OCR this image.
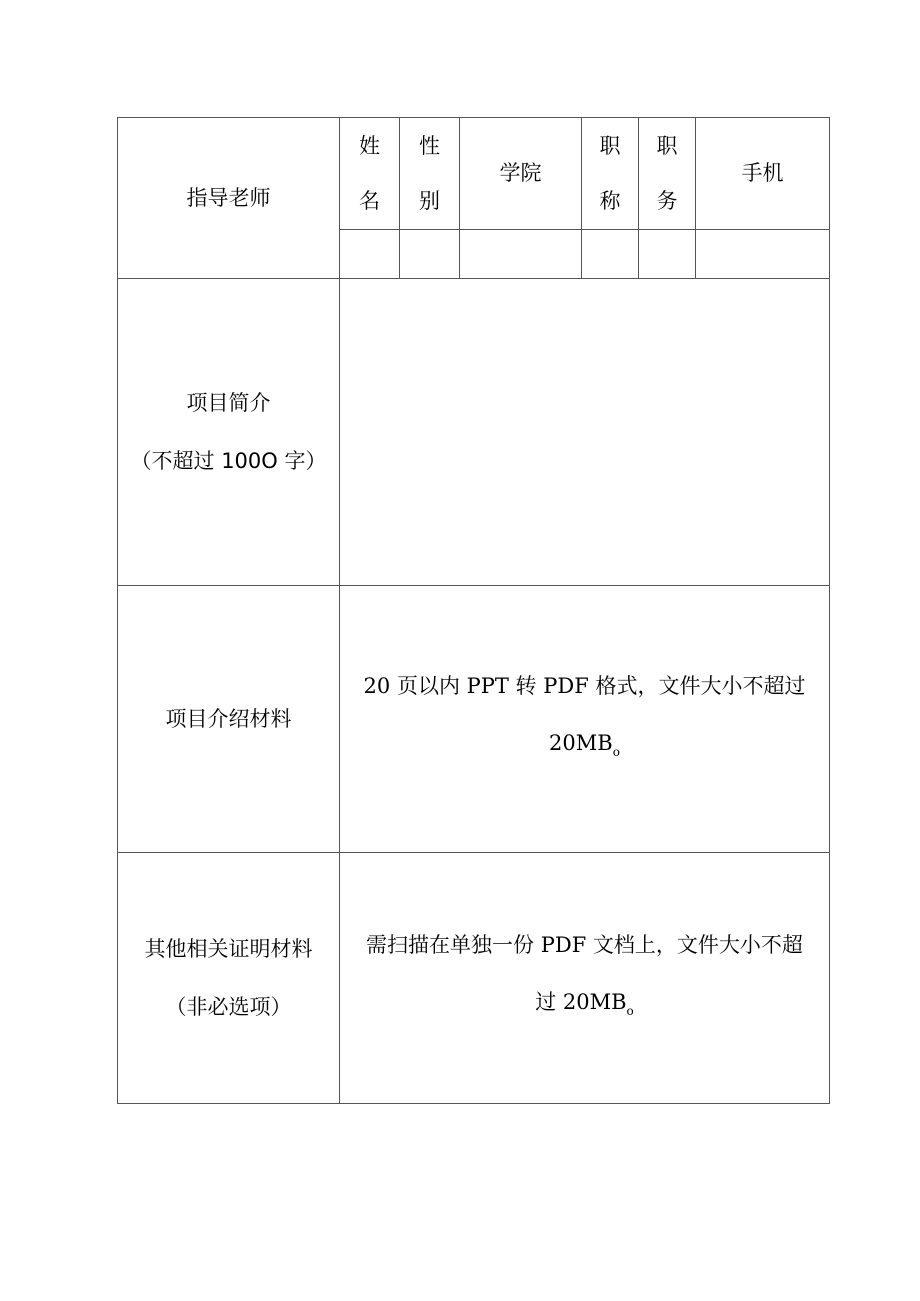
指导老师	姓名	性别	学院	职称	职务	手机

项目简介
（不超过 100O 字）						

项目介绍材料	20 页以内 PPT 转 PDF 格式，文件大小不超过
$20MB_o$

其他相关证明材料
（非必选项）	需扫描在单独一份 PDF 文档上，文件大小不超
过 $20MB_o$
